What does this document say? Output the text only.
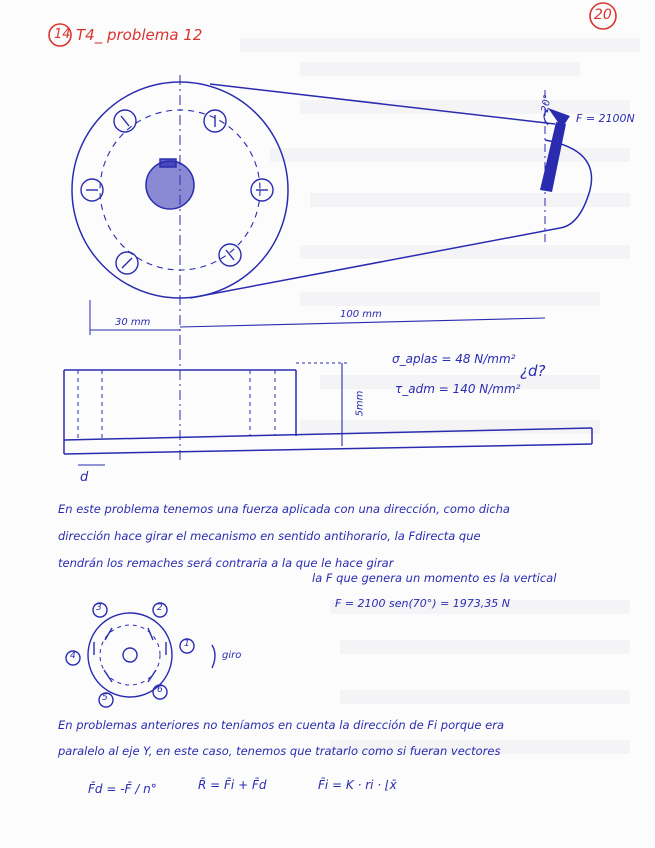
14 T4_ problema 12
20
F = 2100N
20°
30 mm
100 mm
5mm
d
σ_aplas = 48 N/mm²
τ_adm = 140 N/mm²
¿d?
En este problema tenemos una fuerza aplicada con una dirección, como dicha
dirección hace girar el mecanismo en sentido antihorario, la Fdirecta que
tendrán los remaches será contraria a la que le hace girar
la F que genera un momento es la vertical
F = 2100 sen(70°) = 1973,35 N
3	2
4
1
5
6
giro
En problemas anteriores no teníamos en cuenta la dirección de Fi porque era
paralelo al eje Y, en este caso, tenemos que tratarlo como si fueran vectores
F̄d = -F̄ / n°	R̄ = F̄i + F̄d	F̄i = K · ri · ⌊x̄
